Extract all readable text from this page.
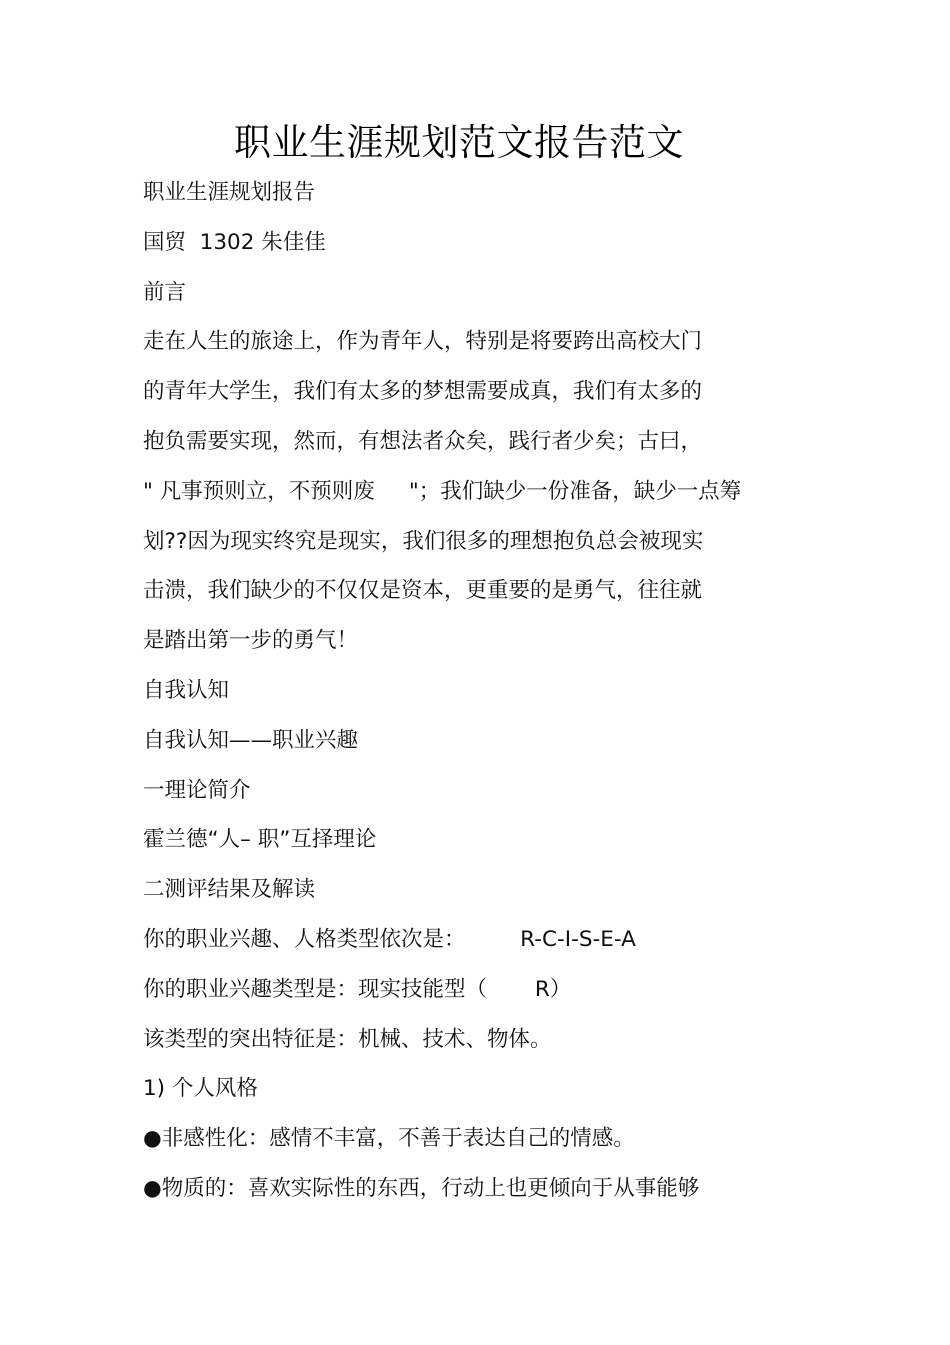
职业生涯规划范文报告范文
职业生涯规划报告
国贸  1302 朱佳佳
前言
走在人生的旅途上，作为青年人，特别是将要跨出高校大门
的青年大学生，我们有太多的梦想需要成真，我们有太多的
抱负需要实现，然而，有想法者众矣，践行者少矣；古曰，
" 凡事预则立，不预则废     "；我们缺少一份准备，缺少一点筹
划??因为现实终究是现实，我们很多的理想抱负总会被现实
击溃，我们缺少的不仅仅是资本，更重要的是勇气，往往就
是踏出第一步的勇气！
自我认知
自我认知——职业兴趣
一理论简介
霍兰德“人– 职”互择理论
二测评结果及解读
你的职业兴趣、人格类型依次是：        R-C-I-S-E-A
你的职业兴趣类型是：现实技能型（       R）
该类型的突出特征是：机械、技术、物体。
1) 个人风格
●非感性化：感情不丰富，不善于表达自己的情感。
●物质的：喜欢实际性的东西，行动上也更倾向于从事能够
